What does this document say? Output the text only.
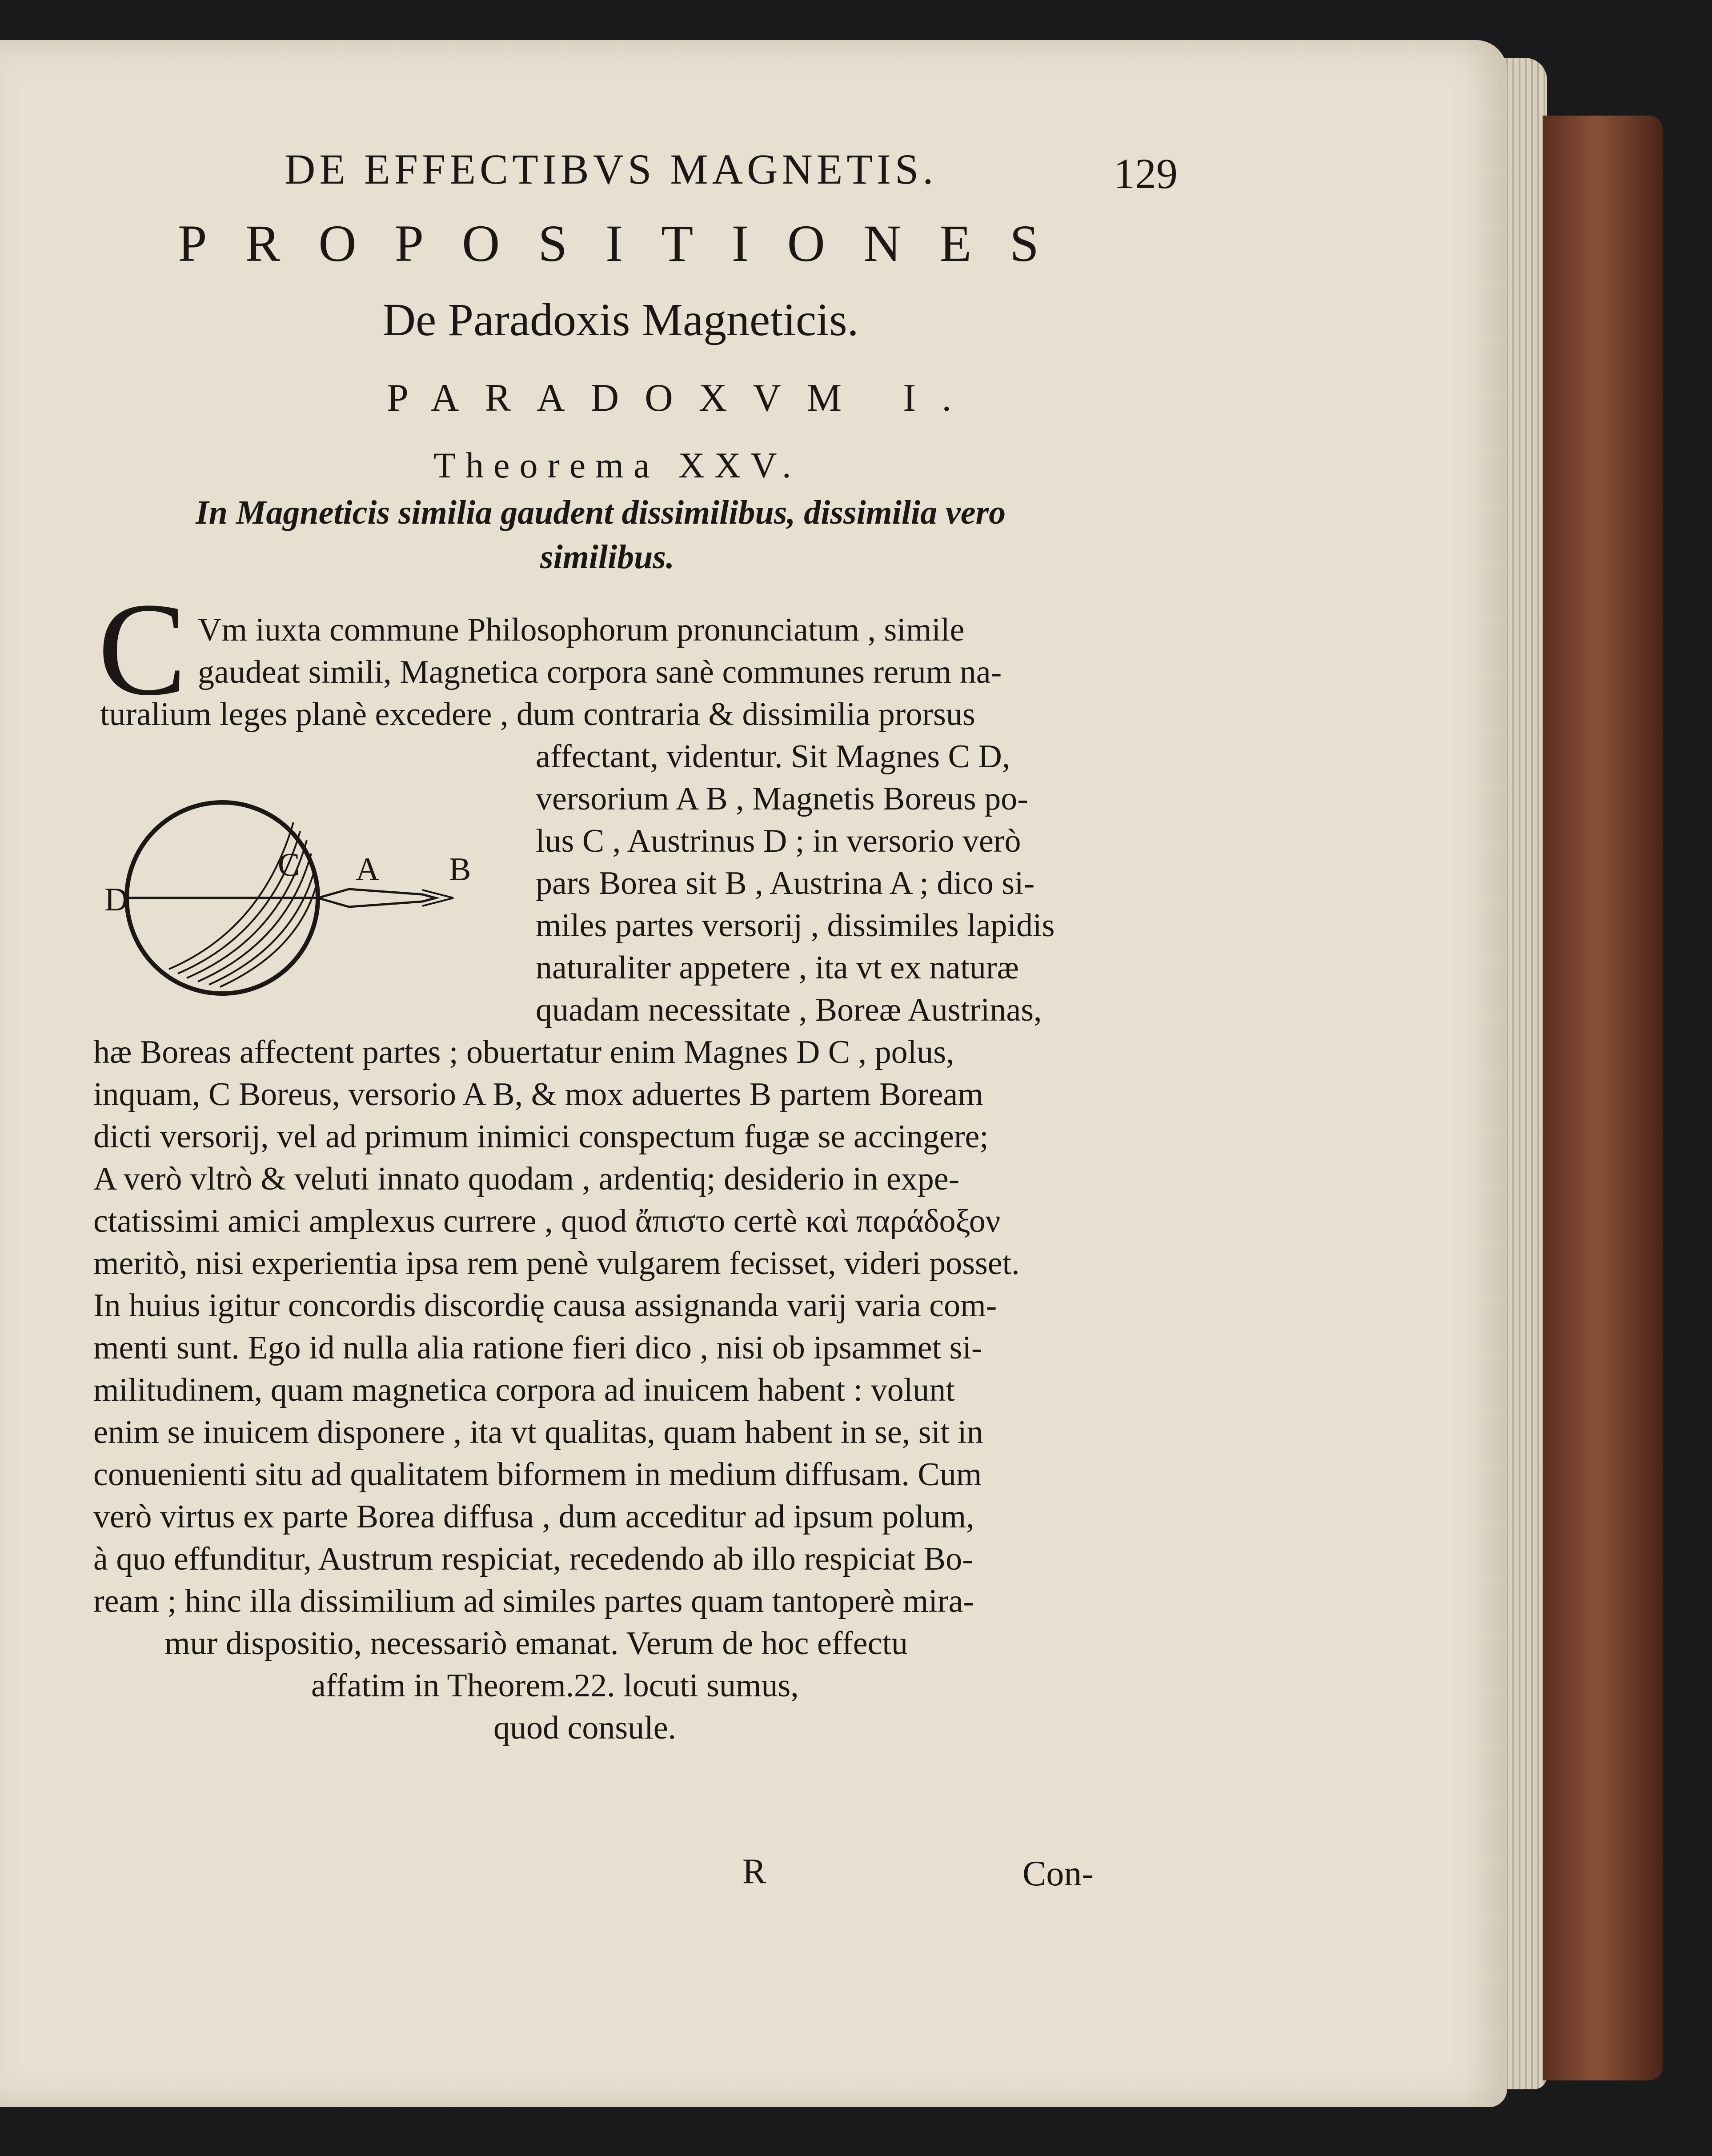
DE EFFECTIBVS MAGNETIS.	129
PROPOSITIONES
De Paradoxis Magneticis.
PARADOXVM I.
Theorema XXV.
In Magneticis similia gaudent dissimilibus, dissimilia vero
similibus.
C Vm iuxta commune Philosophorum pronunciatum , simile
gaudeat simili, Magnetica corpora sanè communes rerum na-
turalium leges planè excedere , dum contraria & dissimilia prorsus
affectant, videntur. Sit Magnes C D,
versorium A B , Magnetis Boreus po-
lus C , Austrinus D ; in versorio verò
pars Borea sit B , Austrina A ; dico si-
miles partes versorij , dissimiles lapidis
naturaliter appetere , ita vt ex naturæ
quadam necessitate , Boreæ Austrinas,
hæ Boreas affectent partes ; obuertatur enim Magnes D C , polus,
inquam, C Boreus, versorio A B, & mox aduertes B partem Boream
dicti versorij, vel ad primum inimici conspectum fugæ se accingere;
A verò vltrò & veluti innato quodam , ardentiq; desiderio in expe-
ctatissimi amici amplexus currere , quod ἄπιστο certè καὶ παράδοξον
meritò, nisi experientia ipsa rem penè vulgarem fecisset, videri posset.
In huius igitur concordis discordię causa assignanda varij varia com-
menti sunt. Ego id nulla alia ratione fieri dico , nisi ob ipsammet si-
militudinem, quam magnetica corpora ad inuicem habent : volunt
enim se inuicem disponere , ita vt qualitas, quam habent in se, sit in
conuenienti situ ad qualitatem biformem in medium diffusam. Cum
verò virtus ex parte Borea diffusa , dum acceditur ad ipsum polum,
à quo effunditur, Austrum respiciat, recedendo ab illo respiciat Bo-
ream ; hinc illa dissimilium ad similes partes quam tantoperè mira-
mur dispositio, necessariò emanat. Verum de hoc effectu
affatim in Theorem.22. locuti sumus,
quod consule.
D
C A B
R	Con-
